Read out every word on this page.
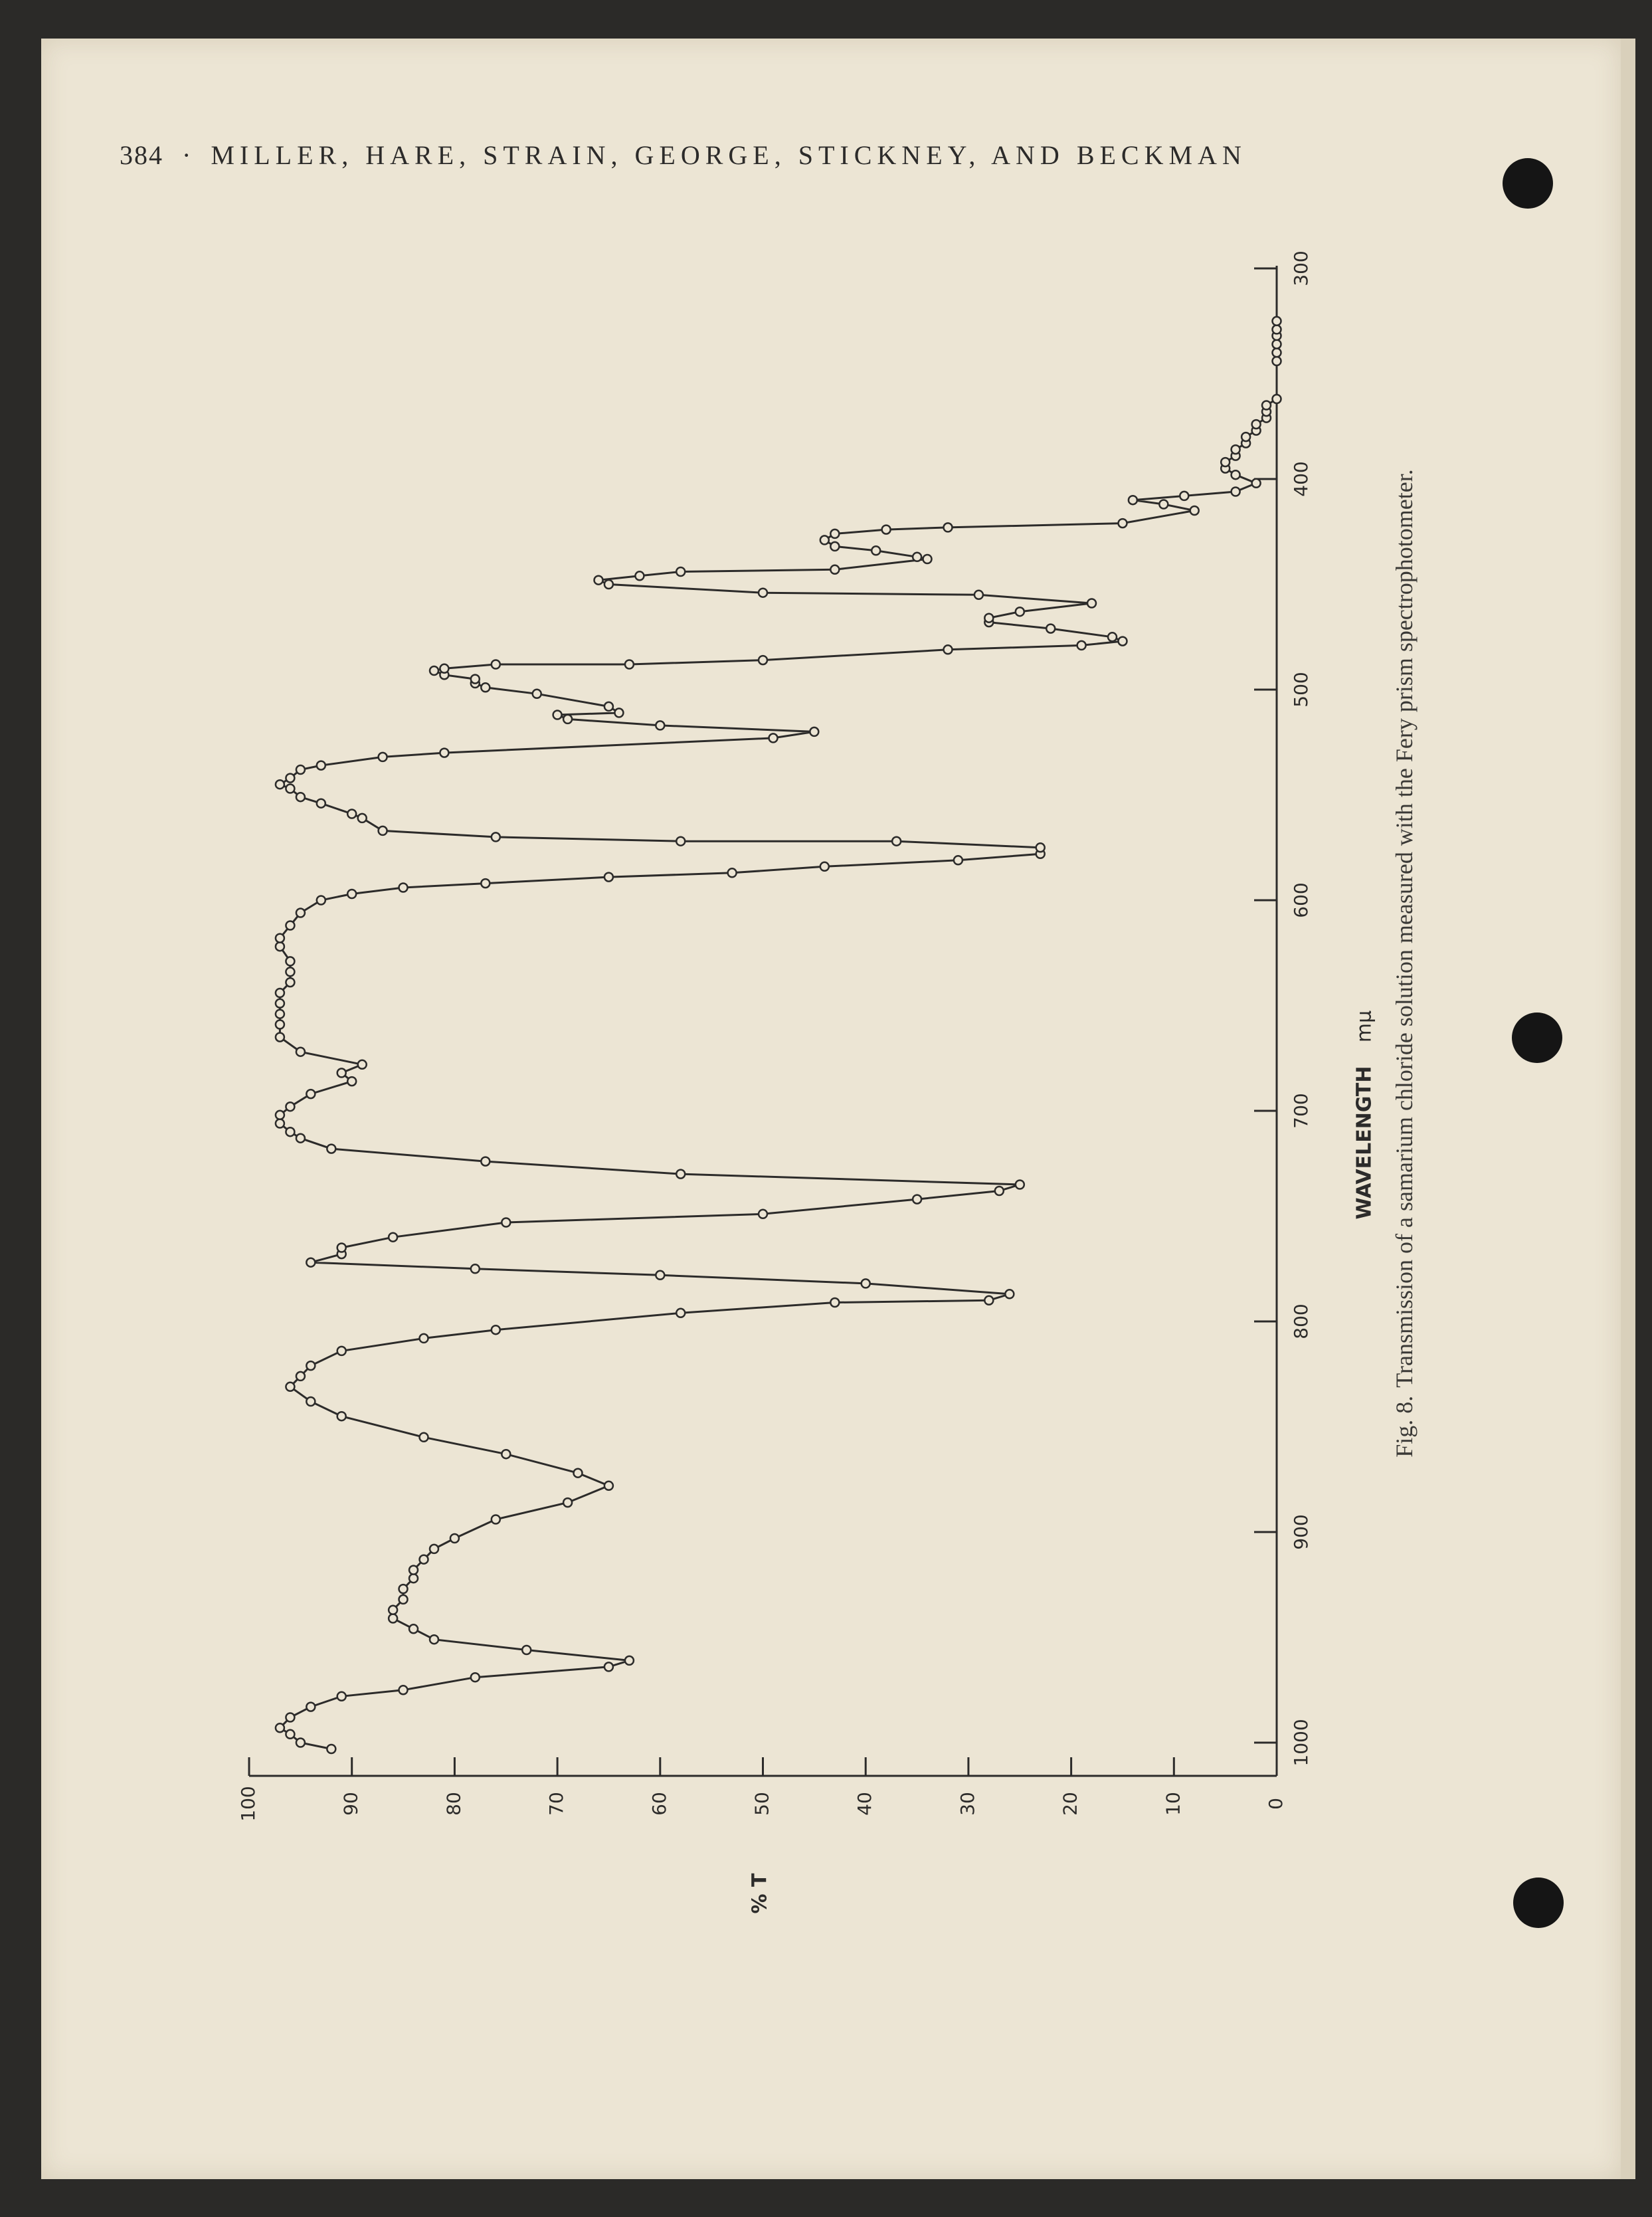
384 · MILLER, HARE, STRAIN, GEORGE, STICKNEY, AND BECKMAN
300
400
500
600
700
800
900
1000
0
10
20
30
40
50
60
70
80
90
100
WAVELENGTH
mµ
% T
Fig. 8.Transmission of a samarium chloride solution measured with the Fery prism spectrophotometer.
